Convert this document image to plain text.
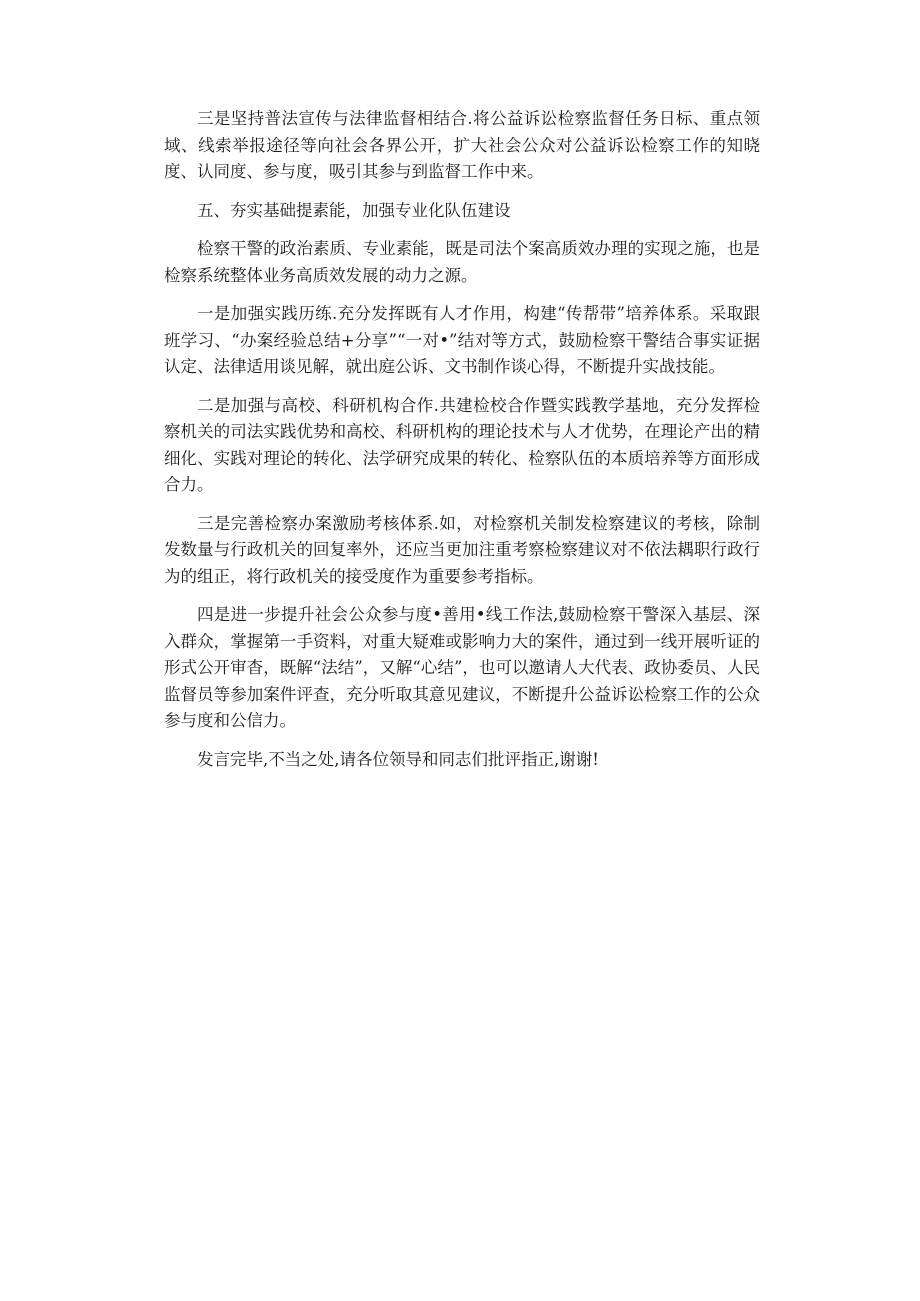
三是坚持普法宣传与法律监督相结合.将公益诉讼检察监督任务日标、重点领域、线索举报途径等向社会各界公开，扩大社会公众对公益诉讼检察工作的知晓度、认同度、参与度，吸引其参与到监督工作中来。

五、夯实基础提素能，加强专业化队伍建设

检察干警的政治素质、专业素能，既是司法个案高质效办理的实现之施，也是检察系统整体业务高质效发展的动力之源。

一是加强实践历练.充分发挥既有人才作用，构建“传帮带”培养体系。采取跟班学习、“办案经验总结+分享”“一对•”结对等方式，鼓励检察干警结合事实证据认定、法律适用谈见解，就出庭公诉、文书制作谈心得，不断提升实战技能。

二是加强与高校、科研机构合作.共建检校合作暨实践教学基地，充分发挥检察机关的司法实践优势和高校、科研机构的理论技术与人才优势，在理论产出的精细化、实践对理论的转化、法学研究成果的转化、检察队伍的本质培养等方面形成合力。

三是完善检察办案激励考核体系.如，对检察机关制发检察建议的考核，除制发数量与行政机关的回复率外，还应当更加注重考察检察建议对不依法耦职行政行为的组正，将行政机关的接受度作为重要参考指标。

四是进一步提升社会公众参与度•善用•线工作法,鼓励检察干警深入基层、深入群众，掌握第一手资料，对重大疑难或影响力大的案件，通过到一线开展听证的形式公开审杳，既解“法结”，又解“心结”，也可以邀请人大代表、政协委员、人民监督员等参加案件评查，充分听取其意见建议，不断提升公益诉讼检察工作的公众参与度和公信力。

发言完毕,不当之处,请各位领导和同志们批评指正,谢谢!
